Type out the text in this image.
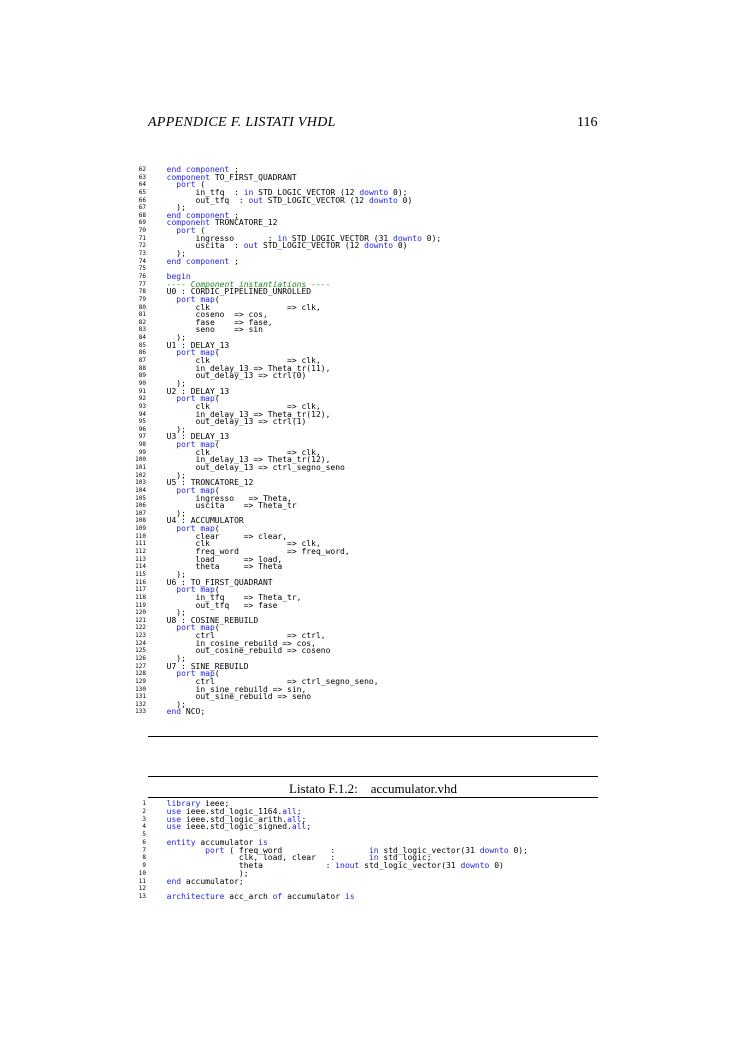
APPENDICE F. LISTATI VHDL	116
62	end component ;
63	component TO_FIRST_QUADRANT
64	port (
65        in_tfq  : in STD_LOGIC_VECTOR (12 downto 0);
66        out_tfq  : out STD_LOGIC_VECTOR (12 downto 0)
67    );
68	end component ;
69	component TRONCATORE_12
70	port (
71        ingresso       : in STD_LOGIC_VECTOR (31 downto 0);
72        uscita  : out STD_LOGIC_VECTOR (12 downto 0)
73    );
74	end component ;
75
76	begin
77	---- Component instantiations ----
78  U0 : CORDIC_PIPELINED_UNROLLED
79	port map(
80        clk                => clk,
81        coseno  => cos,
82        fase    => fase,
83        seno    => sin
84    );
85  U1 : DELAY_13
86	port map(
87        clk                => clk,
88        in_delay_13 => Theta_tr(11),
89        out_delay_13 => ctrl(0)
90    );
91  U2 : DELAY_13
92	port map(
93        clk                => clk,
94        in_delay_13 => Theta_tr(12),
95        out_delay_13 => ctrl(1)
96    );
97  U3 : DELAY_13
98	port map(
99        clk                => clk,
100        in_delay_13 => Theta_tr(12),
101        out_delay_13 => ctrl_segno_seno
102    );
103  U5 : TRONCATORE_12
104	port map(
105        ingresso   => Theta,
106        uscita    => Theta_tr
107    );
108  U4 : ACCUMULATOR
109	port map(
110        clear     => clear,
111        clk                => clk,
112        freq_word          => freq_word,
113        load      => load,
114        theta     => Theta
115    );
116  U6 : TO_FIRST_QUADRANT
117	port map(
118        in_tfq    => Theta_tr,
119        out_tfq   => fase
120    );
121  U8 : COSINE_REBUILD
122	port map(
123        ctrl               => ctrl,
124        in_cosine_rebuild => cos,
125        out_cosine_rebuild => coseno
126    );
127  U7 : SINE_REBUILD
128	port map(
129        ctrl               => ctrl_segno_seno,
130        in_sine_rebuild => sin,
131        out_sine_rebuild => seno
132    );
133	end NCO;
Listato F.1.2: accumulator.vhd
1	library ieee;
2	use ieee.std_logic_1164.all;
3	use ieee.std_logic_arith.all;
4	use ieee.std_logic_signed.all;
5
6	entity accumulator is
7	port ( freq_word          :       in std_logic_vector(31 downto 0);
8                 clk, load, clear   :       in std_logic;
9                 theta             : inout std_logic_vector(31 downto 0)
10                 );
11	end accumulator;
12
13	architecture acc_arch of accumulator is
